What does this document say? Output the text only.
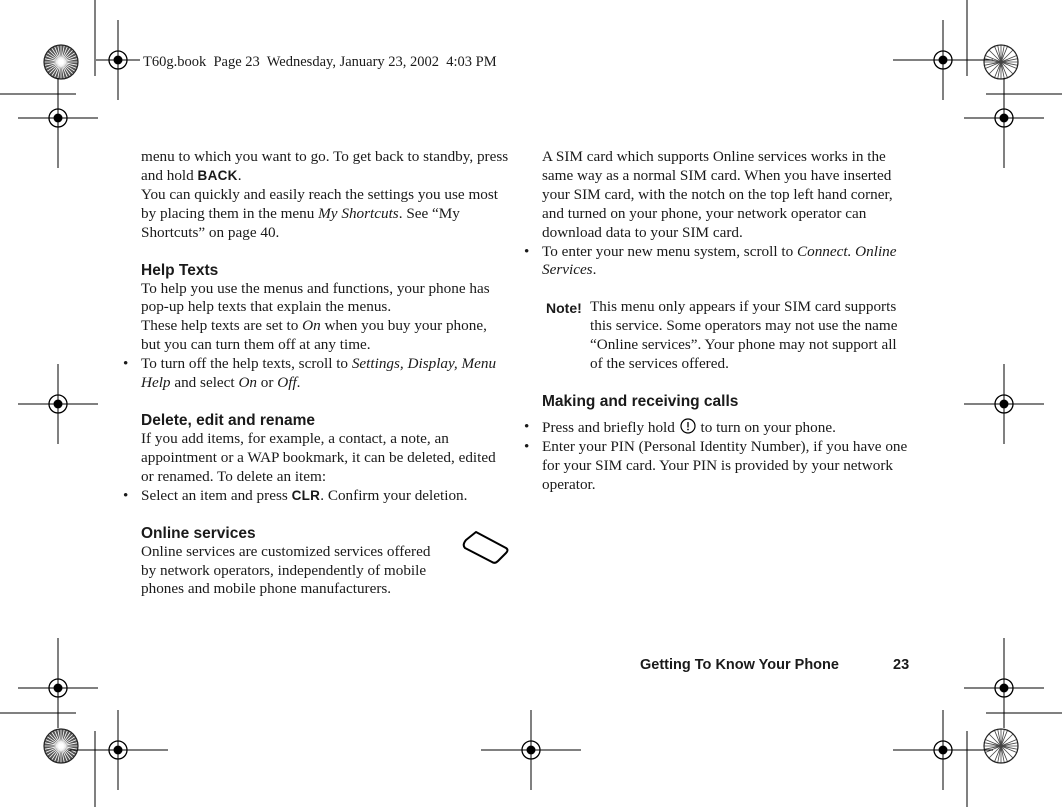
T60g.book  Page 23  Wednesday, January 23, 2002  4:03 PM

menu to which you want to go. To get back to standby, press and hold BACK.

You can quickly and easily reach the settings you use most by placing them in the menu My Shortcuts. See “My Shortcuts” on page 40.

Help Texts

To help you use the menus and functions, your phone has pop-up help texts that explain the menus.

These help texts are set to On when you buy your phone, but you can turn them off at any time.

• To turn off the help texts, scroll to Settings, Display, Menu Help and select On or Off.

Delete, edit and rename

If you add items, for example, a contact, a note, an appointment or a WAP bookmark, it can be deleted, edited or renamed. To delete an item:

• Select an item and press CLR. Confirm your deletion.

Online services

Online services are customized services offered by network operators, independently of mobile phones and mobile phone manufacturers.

A SIM card which supports Online services works in the same way as a normal SIM card. When you have inserted your SIM card, with the notch on the top left hand corner, and turned on your phone, your network operator can download data to your SIM card.

• To enter your new menu system, scroll to Connect. Online Services.

Note! This menu only appears if your SIM card supports this service. Some operators may not use the name “Online services”. Your phone may not support all of the services offered.

Making and receiving calls

• Press and briefly hold  to turn on your phone.

• Enter your PIN (Personal Identity Number), if you have one for your SIM card. Your PIN is provided by your network operator.

Getting To Know Your Phone	23
